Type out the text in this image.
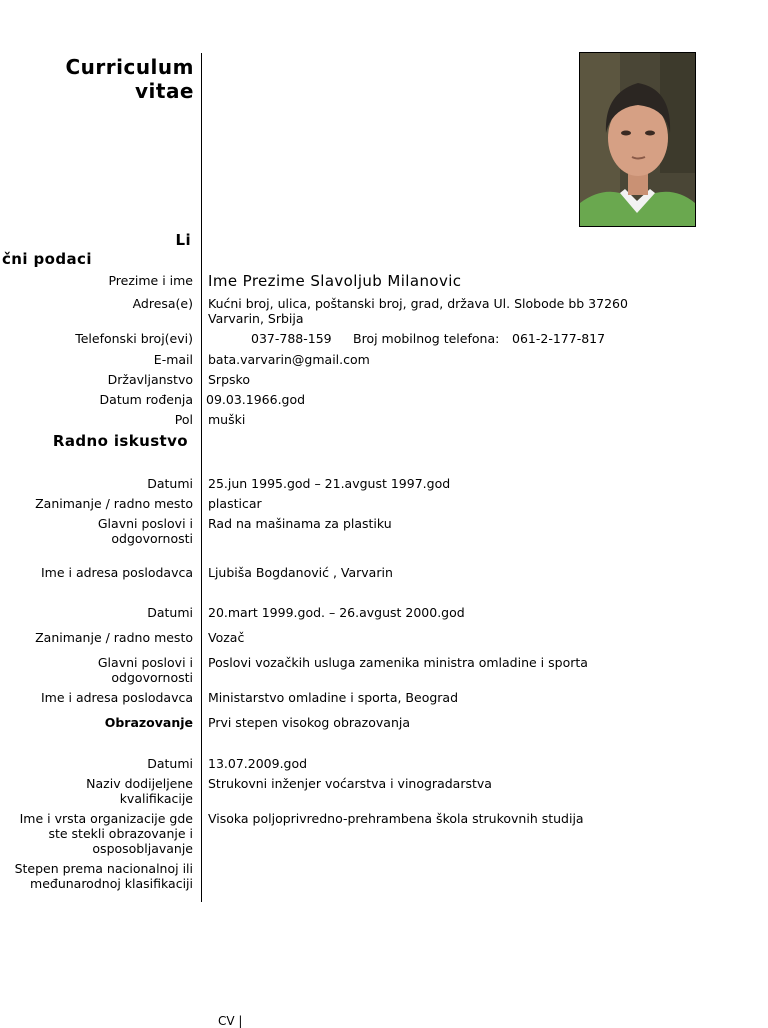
Curriculum
vitae
Li
čni podaci
Prezime i ime Ime Prezime Slavoljub Milanovic
Adresa(e) Kućni broj, ulica, poštanski broj, grad, država Ul. Slobode bb 37260
Varvarin, Srbija
Telefonski broj(evi)	037-788-159 Broj mobilnog telefona: 061-2-177-817
E-mail bata.varvarin@gmail.com
Državljanstvo Srpsko
Datum rođenja 09.03.1966.god
Pol muški
Radno iskustvo
Datumi 25.jun 1995.god – 21.avgust 1997.god
Zanimanje / radno mesto plasticar
Glavni poslovi i
odgovornosti
Rad na mašinama za plastiku
Ime i adresa poslodavca Ljubiša Bogdanović , Varvarin
Datumi 20.mart 1999.god. – 26.avgust 2000.god
Zanimanje / radno mesto Vozač
Glavni poslovi i
odgovornosti
Poslovi vozačkih usluga zamenika ministra omladine i sporta
Ime i adresa poslodavca Ministarstvo omladine i sporta, Beograd
Obrazovanje Prvi stepen visokog obrazovanja
Datumi 13.07.2009.god
Naziv dodijeljene
kvalifikacije
Strukovni inženjer voćarstva i vinogradarstva
Ime i vrsta organizacije gde
ste stekli obrazovanje i
osposobljavanje
Visoka poljoprivredno-prehrambena škola strukovnih studija
Stepen prema nacionalnoj ili
međunarodnoj klasifikaciji
CV |
